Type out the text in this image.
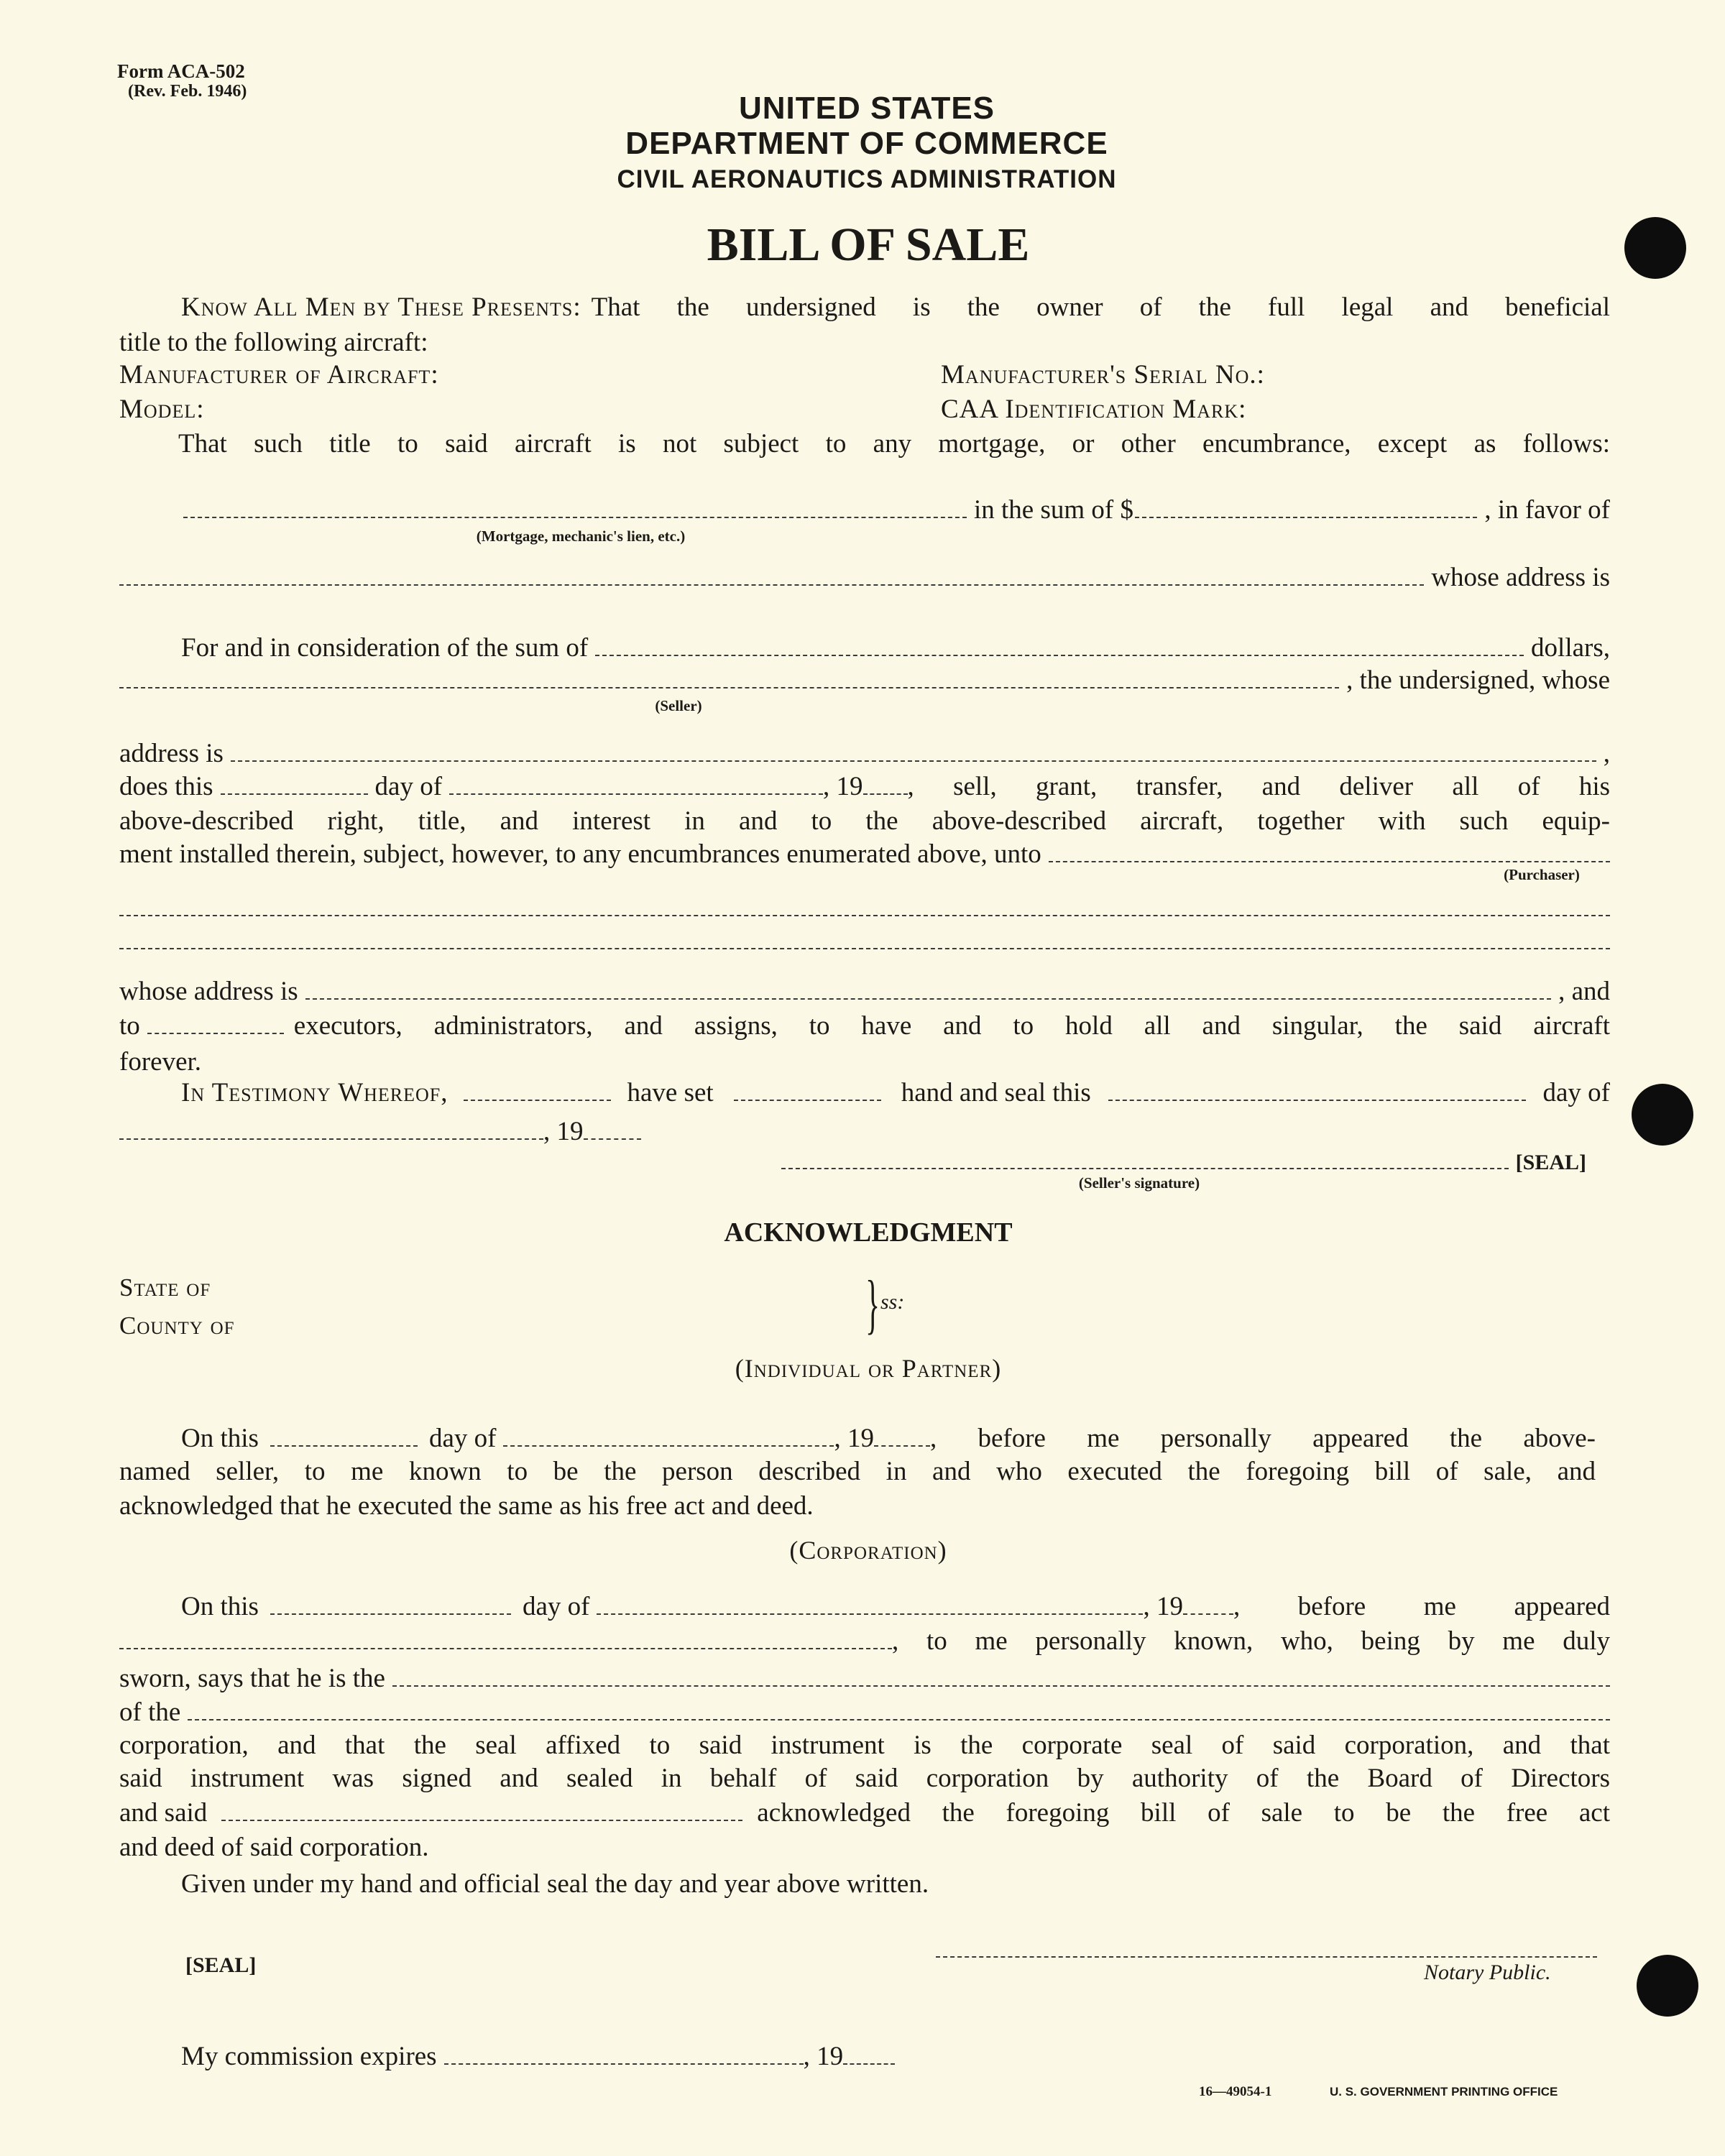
Form ACA-502
(Rev. Feb. 1946)	UNITED STATES
DEPARTMENT OF COMMERCE
CIVIL AERONAUTICS ADMINISTRATION
BILL OF SALE
Know All Men by These Presents: That the undersigned is the owner of the full legal and beneficial
title to the following aircraft:
Manufacturer of Aircraft:	Manufacturer's Serial No.:
Model:	CAA Identification Mark:
That such title to said aircraft is not subject to any mortgage, or other encumbrance, except as follows:
in the sum of $	, in favor of
(Mortgage, mechanic's lien, etc.)
whose address is
For and in consideration of the sum of	dollars,
, the undersigned, whose
(Seller)
address is	,
does this	day of	, 19 , sell, grant, transfer, and deliver all of his
above-described right, title, and interest in and to the above-described aircraft, together with such equip-
ment installed therein, subject, however, to any encumbrances enumerated above, unto
(Purchaser)
whose address is	, and
to	executors, administrators, and assigns, to have and to hold all and singular, the said aircraft
forever.
In Testimony Whereof,	have set	hand and seal this	day of
, 19
[SEAL]
(Seller's signature)
ACKNOWLEDGMENT
State of
County of	} ss:
(Individual or Partner)
On this	day of	, 19 , before me personally appeared the above-
named seller, to me known to be the person described in and who executed the foregoing bill of sale, and
acknowledged that he executed the same as his free act and deed.
(Corporation)
On this	day of	, 19 , before me appeared
, to me personally known, who, being by me duly
sworn, says that he is the
of the
corporation, and that the seal affixed to said instrument is the corporate seal of said corporation, and that
said instrument was signed and sealed in behalf of said corporation by authority of the Board of Directors
and said	acknowledged the foregoing bill of sale to be the free act
and deed of said corporation.
Given under my hand and official seal the day and year above written.
[SEAL]	Notary Public.
My commission expires	, 19
16—49054-1	U. S. GOVERNMENT PRINTING OFFICE
